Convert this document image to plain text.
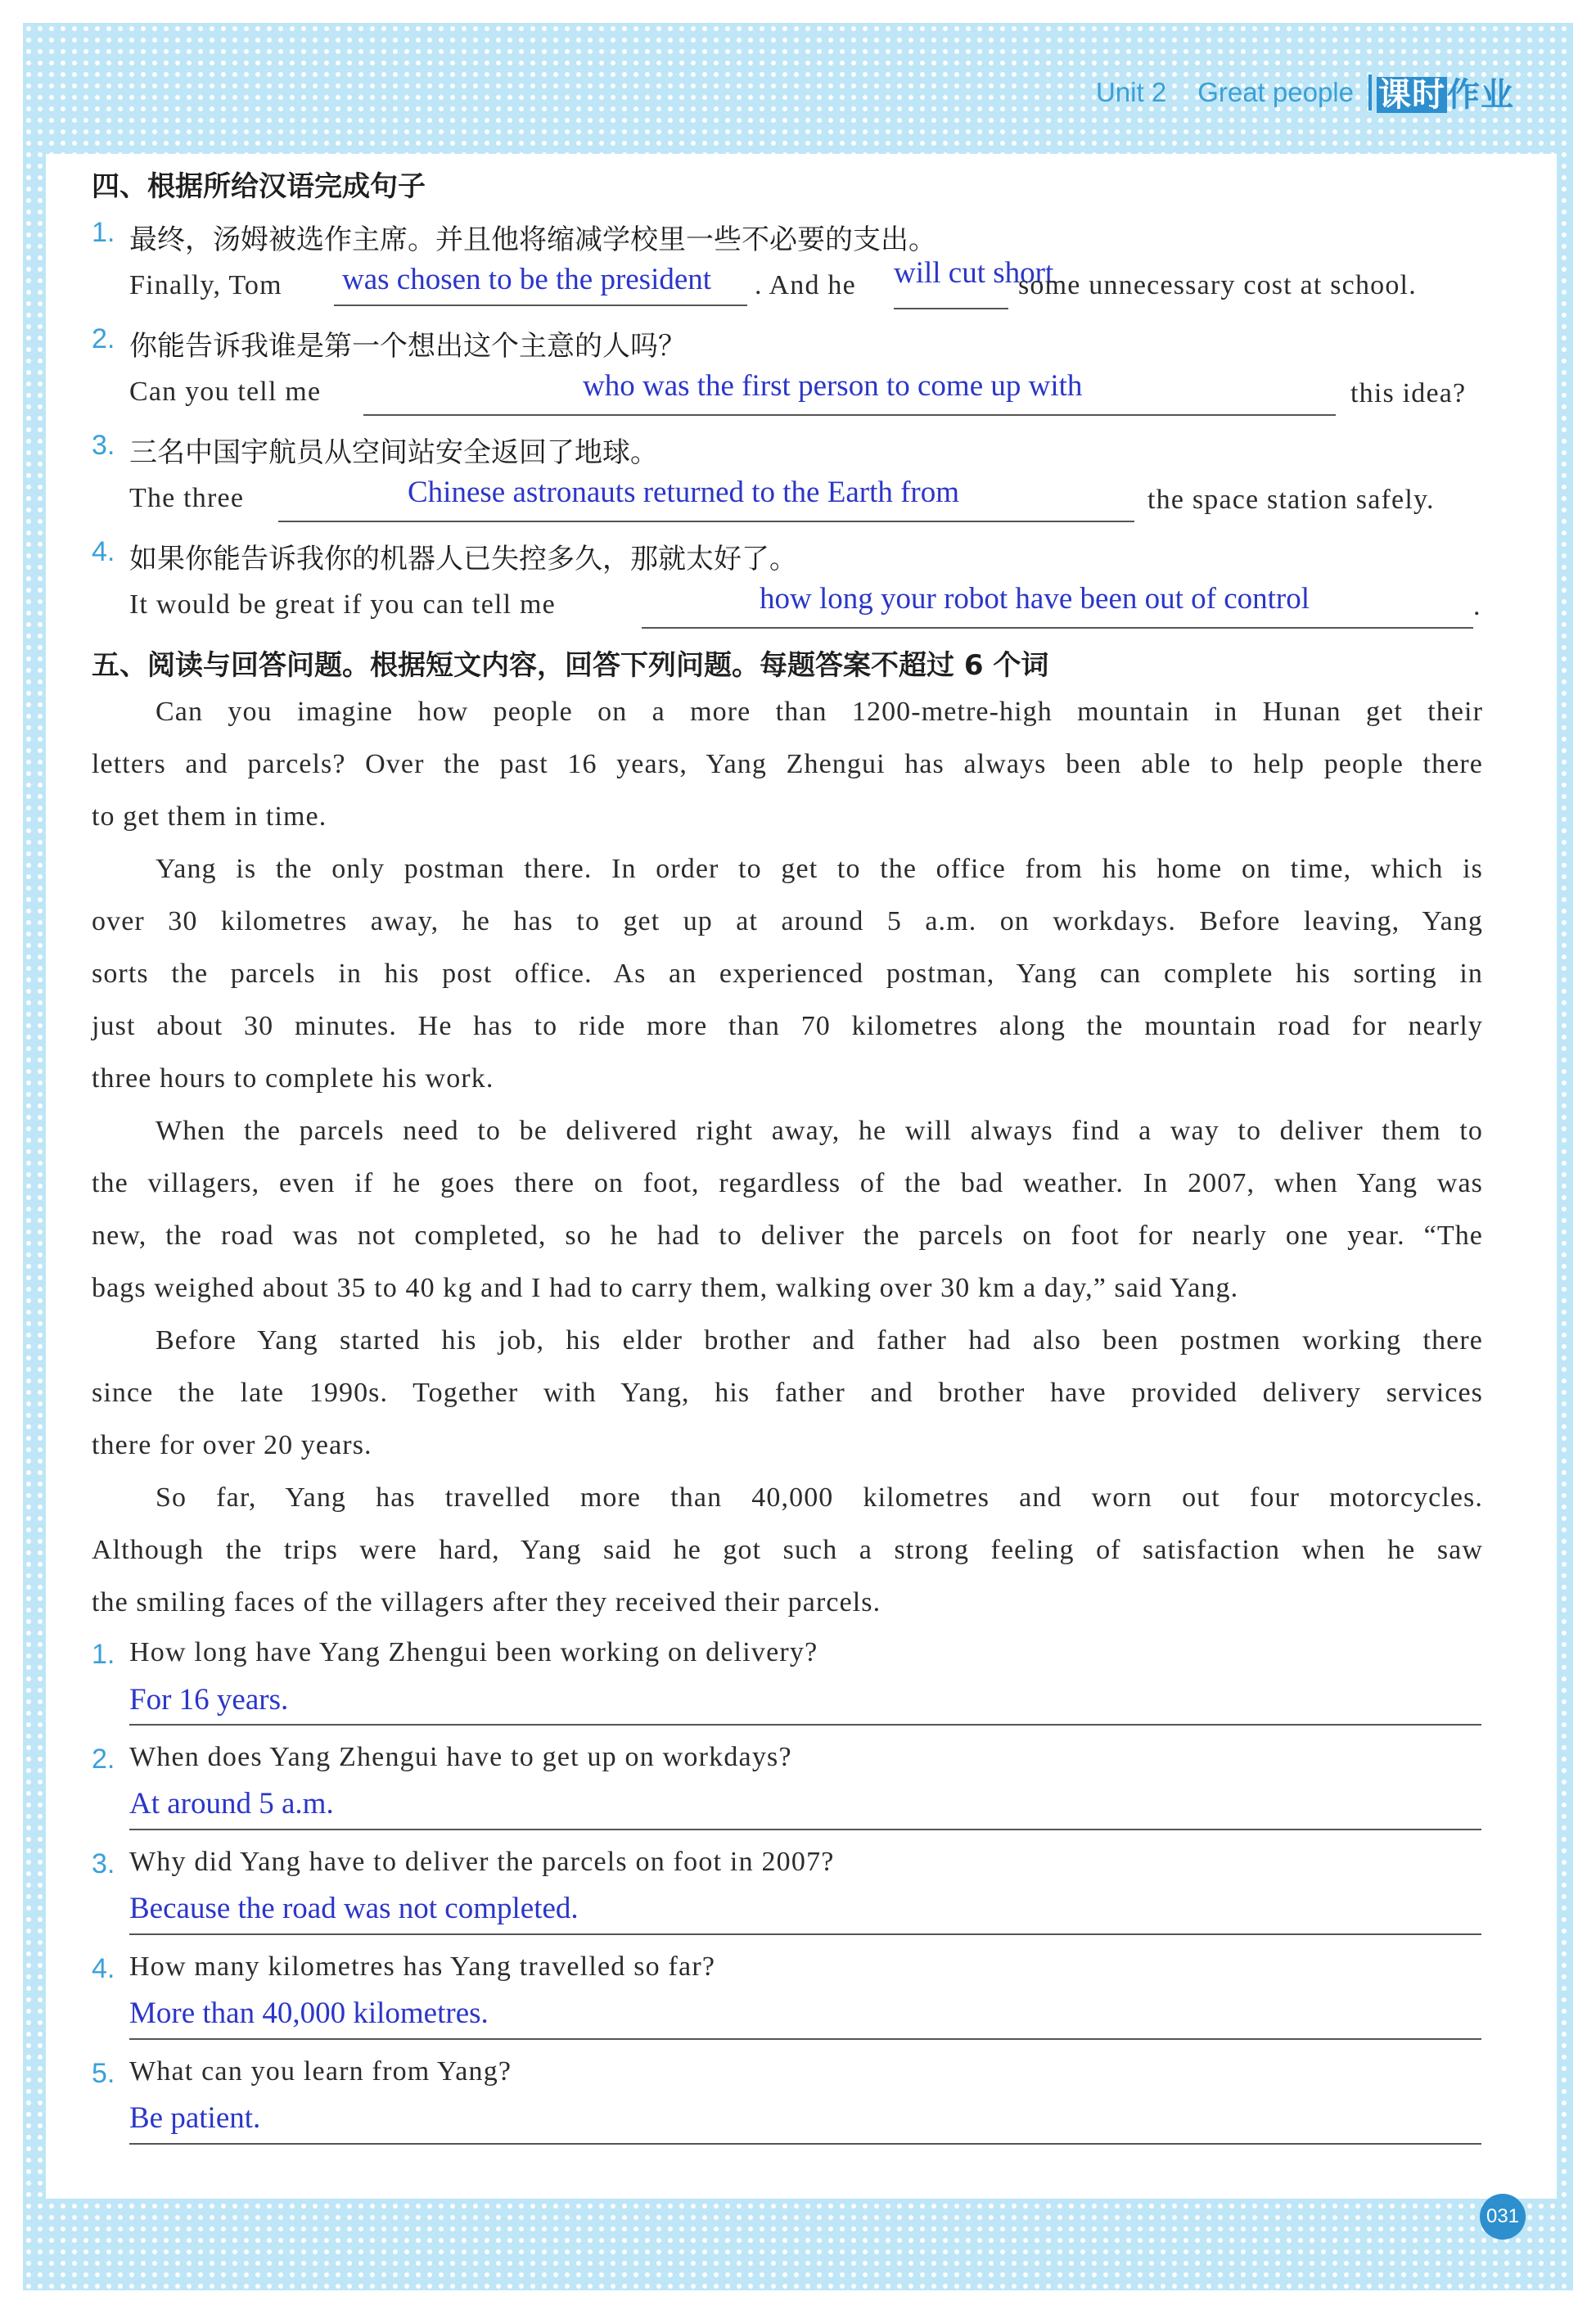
Unit 2 Great people 课时作业
四、根据所给汉语完成句子
1. 最终，汤姆被选作主席。并且他将缩减学校里一些不必要的支出。
Finally, Tom was chosen to be the president . And he will cut short
some unnecessary cost at school.
2. 你能告诉我谁是第一个想出这个主意的人吗？
Can you tell me	who was the first person to come up with	this idea?
3. 三名中国宇航员从空间站安全返回了地球。
The three	Chinese astronauts returned to the Earth from	the space station safely.
4. 如果你能告诉我你的机器人已失控多久，那就太好了。
It would be great if you can tell me	how long your robot have been out of control	.
五、阅读与回答问题。根据短文内容，回答下列问题。每题答案不超过 6 个词
Can you imagine how people on a more than 1200-metre-high mountain in Hunan get their
letters and parcels? Over the past 16 years, Yang Zhengui has always been able to help people there
to get them in time.
Yang is the only postman there. In order to get to the office from his home on time, which is
over 30 kilometres away, he has to get up at around 5 a.m. on workdays. Before leaving, Yang
sorts the parcels in his post office. As an experienced postman, Yang can complete his sorting in
just about 30 minutes. He has to ride more than 70 kilometres along the mountain road for nearly
three hours to complete his work.
When the parcels need to be delivered right away, he will always find a way to deliver them to
the villagers, even if he goes there on foot, regardless of the bad weather. In 2007, when Yang was
new, the road was not completed, so he had to deliver the parcels on foot for nearly one year. “The
bags weighed about 35 to 40 kg and I had to carry them, walking over 30 km a day,” said Yang.
Before Yang started his job, his elder brother and father had also been postmen working there
since the late 1990s. Together with Yang, his father and brother have provided delivery services
there for over 20 years.
So far, Yang has travelled more than 40,000 kilometres and worn out four motorcycles.
Although the trips were hard, Yang said he got such a strong feeling of satisfaction when he saw
the smiling faces of the villagers after they received their parcels.
1. How long have Yang Zhengui been working on delivery?
For 16 years.
2. When does Yang Zhengui have to get up on workdays?
At around 5 a.m.
3. Why did Yang have to deliver the parcels on foot in 2007?
Because the road was not completed.
4. How many kilometres has Yang travelled so far?
More than 40,000 kilometres.
5. What can you learn from Yang?
Be patient.
031
